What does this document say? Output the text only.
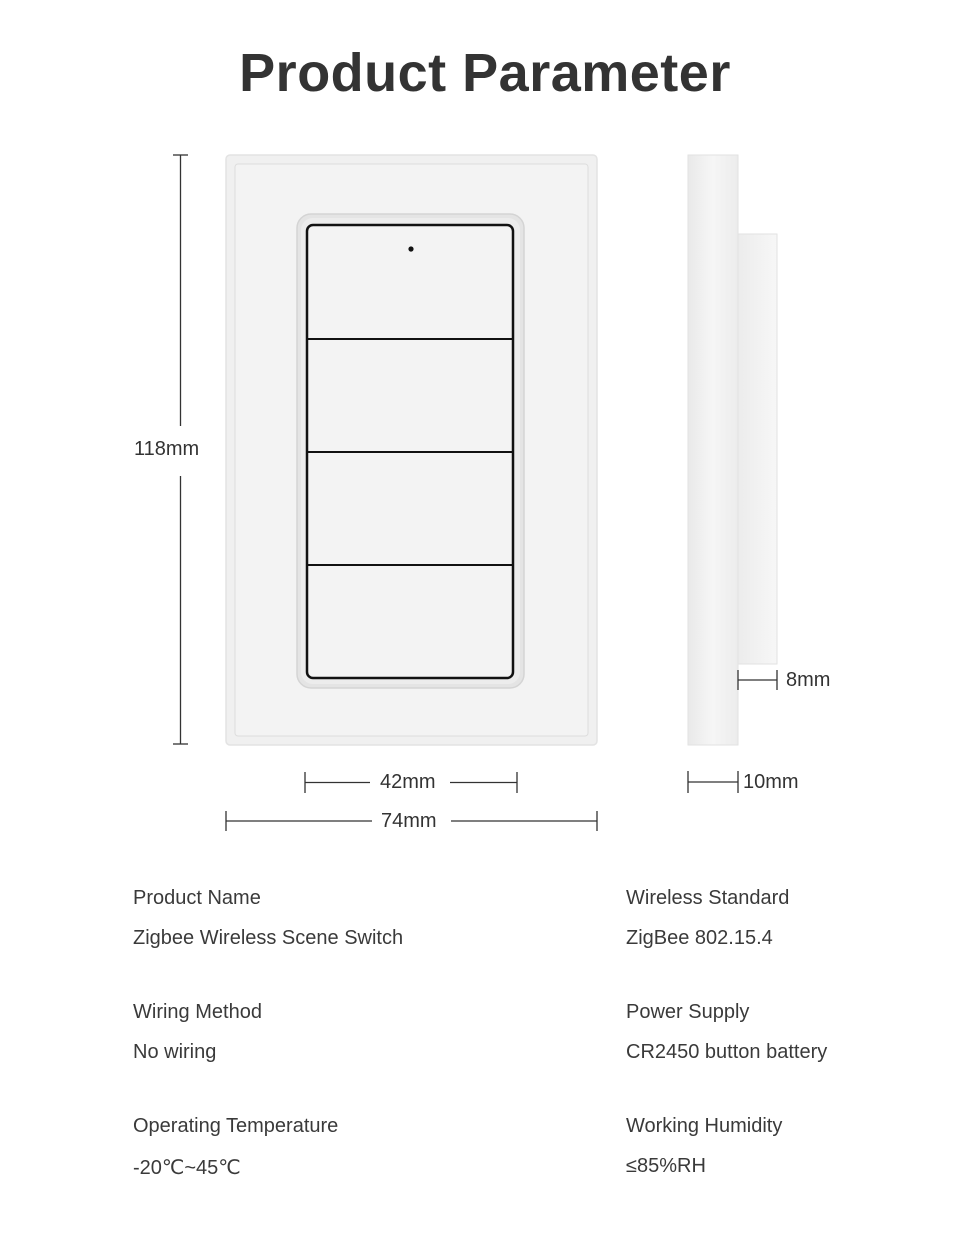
Product Parameter
118mm
42mm
74mm
8mm
10mm
Product Name
Zigbee Wireless Scene Switch
Wireless Standard
ZigBee 802.15.4
Wiring Method
No wiring
Power Supply
CR2450 button battery
Operating Temperature
-20℃~45℃
Working Humidity
≤85%RH
